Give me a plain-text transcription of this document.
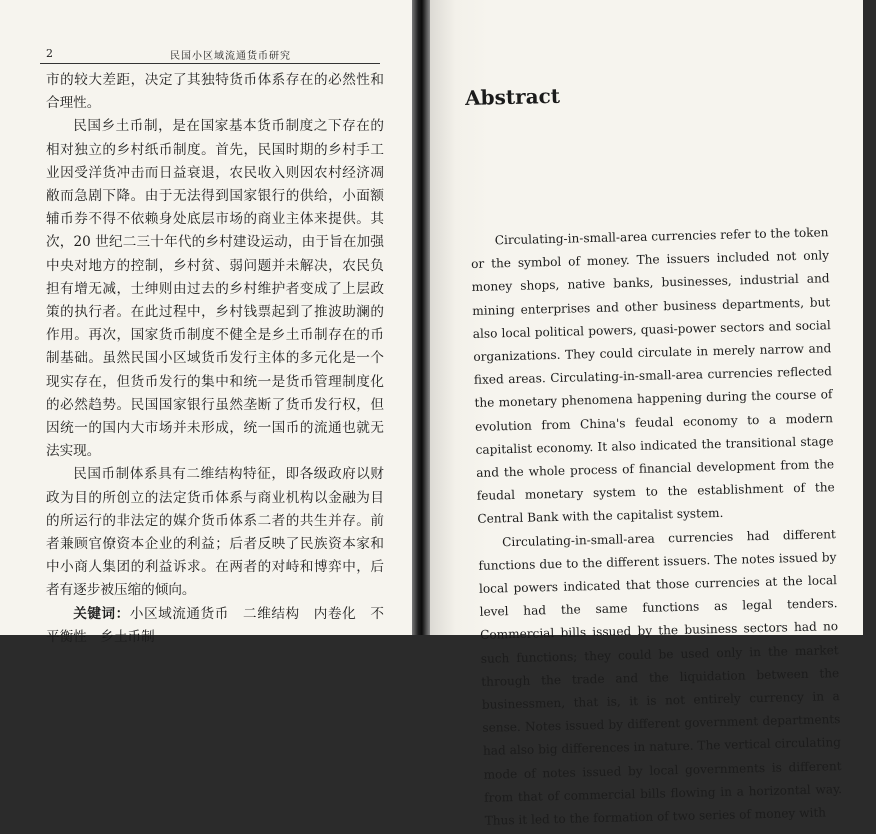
2	民国小区域流通货币研究

市的较大差距，决定了其独特货币体系存在的必然性和合理性。

民国乡土币制，是在国家基本货币制度之下存在的相对独立的乡村纸币制度。首先，民国时期的乡村手工业因受洋货冲击而日益衰退，农民收入则因农村经济凋敝而急剧下降。由于无法得到国家银行的供给，小面额辅币券不得不依赖身处底层市场的商业主体来提供。其次，20 世纪二三十年代的乡村建设运动，由于旨在加强中央对地方的控制，乡村贫、弱问题并未解决，农民负担有增无减，士绅则由过去的乡村维护者变成了上层政策的执行者。在此过程中，乡村钱票起到了推波助澜的作用。再次，国家货币制度不健全是乡土币制存在的币制基础。虽然民国小区域货币发行主体的多元化是一个现实存在，但货币发行的集中和统一是货币管理制度化的必然趋势。民国国家银行虽然垄断了货币发行权，但因统一的国内大市场并未形成，统一国币的流通也就无法实现。

民国币制体系具有二维结构特征，即各级政府以财政为目的所创立的法定货币体系与商业机构以金融为目的所运行的非法定的媒介货币体系二者的共生并存。前者兼顾官僚资本企业的利益；后者反映了民族资本家和中小商人集团的利益诉求。在两者的对峙和博弈中，后者有逐步被压缩的倾向。

关键词：小区域流通货币　二维结构　内卷化　不平衡性　乡土币制

Abstract

Circulating-in-small-area currencies refer to the token or the symbol of money. The issuers included not only money shops, native banks, businesses, industrial and mining enterprises and other business departments, but also local political powers, quasi-power sectors and social organizations. They could circulate in merely narrow and fixed areas. Circulating-in-small-area currencies reflected the monetary phenomena happening during the course of evolution from China's feudal economy to a modern capitalist economy. It also indicated the transitional stage and the whole process of financial development from the feudal monetary system to the establishment of the Central Bank with the capitalist system.

Circulating-in-small-area currencies had different functions due to the different issuers. The notes issued by local powers indicated that those currencies at the local level had the same functions as legal tenders. Commercial bills issued by the business sectors had no such functions; they could be used only in the market through the trade and the liquidation between the businessmen, that is, it is not entirely currency in a sense. Notes issued by different government departments had also big differences in nature. The vertical circulating mode of notes issued by local governments is different from that of commercial bills flowing in a horizontal way. Thus it led to the formation of two series of money with
